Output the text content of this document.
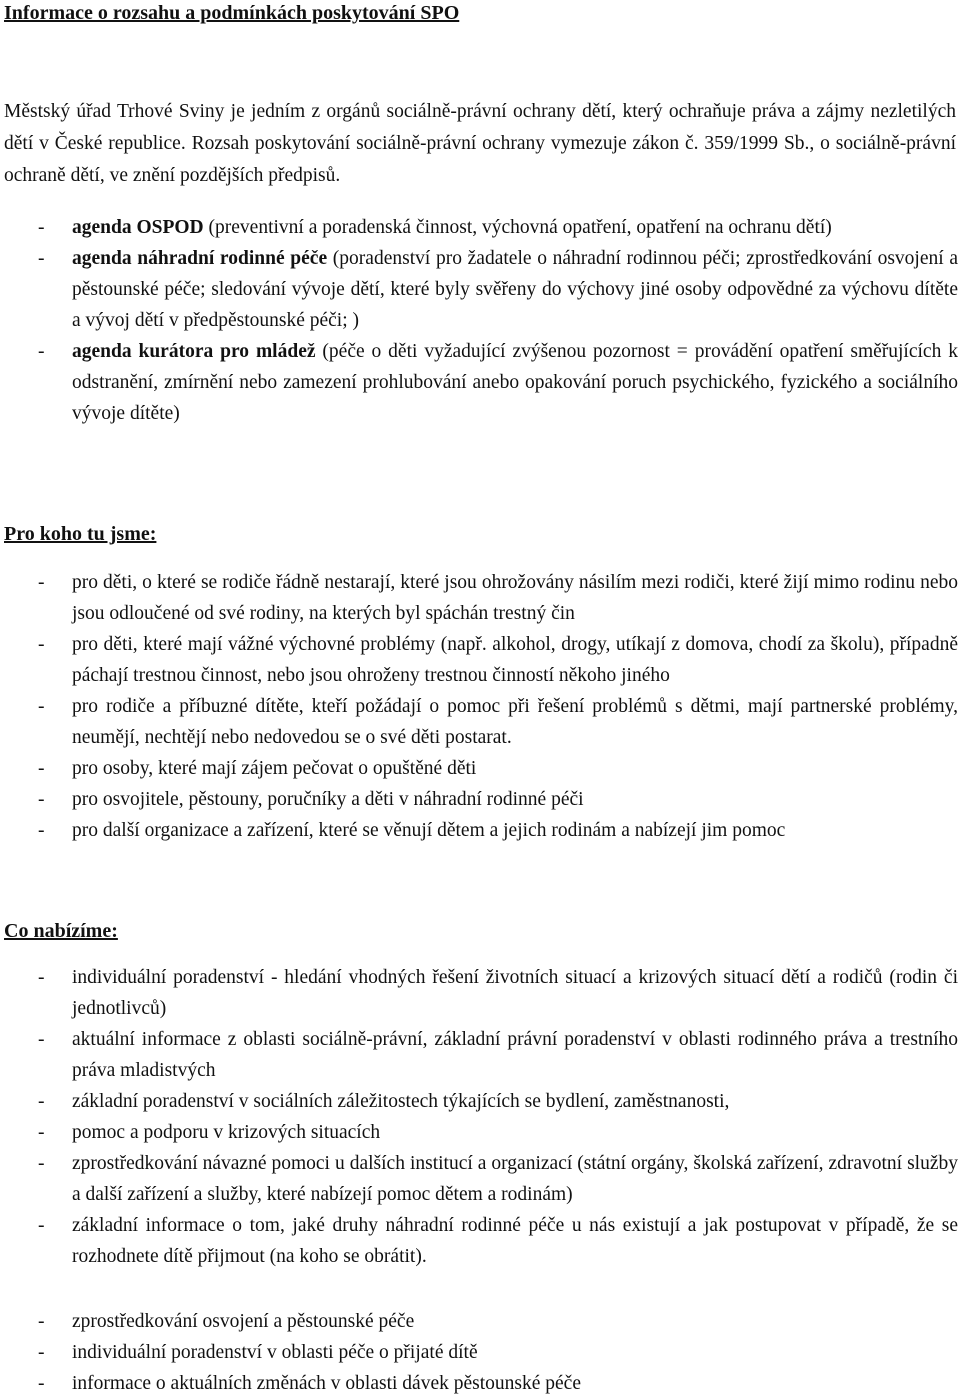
Informace o rozsahu a podmínkách poskytování SPO

Městský úřad Trhové Sviny je jedním z orgánů sociálně-právní ochrany dětí, který ochraňuje práva a zájmy nezletilých dětí v České republice. Rozsah poskytování sociálně-právní ochrany vymezuje zákon č. 359/1999 Sb., o sociálně-právní ochraně dětí, ve znění pozdějších předpisů.

- agenda OSPOD (preventivní a poradenská činnost, výchovná opatření, opatření na ochranu dětí)
- agenda náhradní rodinné péče (poradenství pro žadatele o náhradní rodinnou péči; zprostředkování osvojení a pěstounské péče; sledování vývoje dětí, které byly svěřeny do výchovy jiné osoby odpovědné za výchovu dítěte a vývoj dětí v předpěstounské péči; )
- agenda kurátora pro mládež (péče o děti vyžadující zvýšenou pozornost = provádění opatření směřujících k odstranění, zmírnění nebo zamezení prohlubování anebo opakování poruch psychického, fyzického a sociálního vývoje dítěte)
Pro koho tu jsme:
- pro děti, o které se rodiče řádně nestarají, které jsou ohrožovány násilím mezi rodiči, které žijí mimo rodinu nebo jsou odloučené od své rodiny, na kterých byl spáchán trestný čin
- pro děti, které mají vážné výchovné problémy (např. alkohol, drogy, utíkají z domova, chodí za školu), případně páchají trestnou činnost, nebo jsou ohroženy trestnou činností někoho jiného
- pro rodiče a příbuzné dítěte, kteří požádají o pomoc při řešení problémů s dětmi, mají partnerské problémy, neumějí, nechtějí nebo nedovedou se o své děti postarat.
- pro osoby, které mají zájem pečovat o opuštěné děti
- pro osvojitele, pěstouny, poručníky a děti v náhradní rodinné péči
- pro další organizace a zařízení, které se věnují dětem a jejich rodinám a nabízejí jim pomoc
Co nabízíme:
- individuální poradenství - hledání vhodných řešení životních situací a krizových situací dětí a rodičů (rodin či jednotlivců)
- aktuální informace z oblasti sociálně-právní, základní právní poradenství v oblasti rodinného práva a trestního práva mladistvých
- základní poradenství v sociálních záležitostech týkajících se bydlení, zaměstnanosti,
- pomoc a podporu v krizových situacích
- zprostředkování návazné pomoci u dalších institucí a organizací (státní orgány, školská zařízení, zdravotní služby a další zařízení a služby, které nabízejí pomoc dětem a rodinám)
- základní informace o tom, jaké druhy náhradní rodinné péče u nás existují a jak postupovat v případě, že se rozhodnete dítě přijmout (na koho se obrátit).
- zprostředkování osvojení a pěstounské péče
- individuální poradenství v oblasti péče o přijaté dítě
- informace o aktuálních změnách v oblasti dávek pěstounské péče
